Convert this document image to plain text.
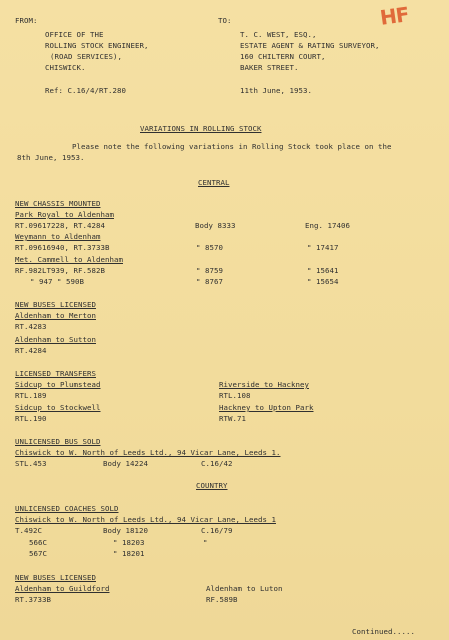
FROM:
OFFICE OF THE
ROLLING STOCK ENGINEER,
(ROAD SERVICES),
CHISWICK.
Ref: C.16/4/RT.280
TO:
T. C. WEST, ESQ.,
ESTATE AGENT & RATING SURVEYOR,
160 CHILTERN COURT,
BAKER STREET.
11th June, 1953.
HF
VARIATIONS IN ROLLING STOCK
Please note the following variations in Rolling Stock took place on the
8th June, 1953.
CENTRAL
NEW CHASSIS MOUNTED
Park Royal to Aldenham
RT.09617228, RT.4284	Body 8333	Eng. 17406
Weymann to Aldenham
RT.09616940, RT.3733B	" 8570	" 17417
Met. Cammell to Aldenham
RF.982LT939, RF.582B	" 8759	" 15641
" 947 " 590B	" 8767	" 15654
NEW BUSES LICENSED
Aldenham to Merton
RT.4283
Aldenham to Sutton
RT.4284
LICENSED TRANSFERS
Sidcup to Plumstead
RTL.189
Sidcup to Stockwell
RTL.190
Riverside to Hackney
RTL.108
Hackney to Upton Park
RTW.71
UNLICENSED BUS SOLD
Chiswick to W. North of Leeds Ltd., 94 Vicar Lane, Leeds 1.
STL.453	Body 14224	C.16/42
COUNTRY
UNLICENSED COACHES SOLD
Chiswick to W. North of Leeds Ltd., 94 Vicar Lane, Leeds 1
T.492C	Body 18120	C.16/79
566C	" 18203	"
567C	" 18201
NEW BUSES LICENSED
Aldenham to Guildford
RT.3733B
Aldenham to Luton
RF.589B
Continued.....
